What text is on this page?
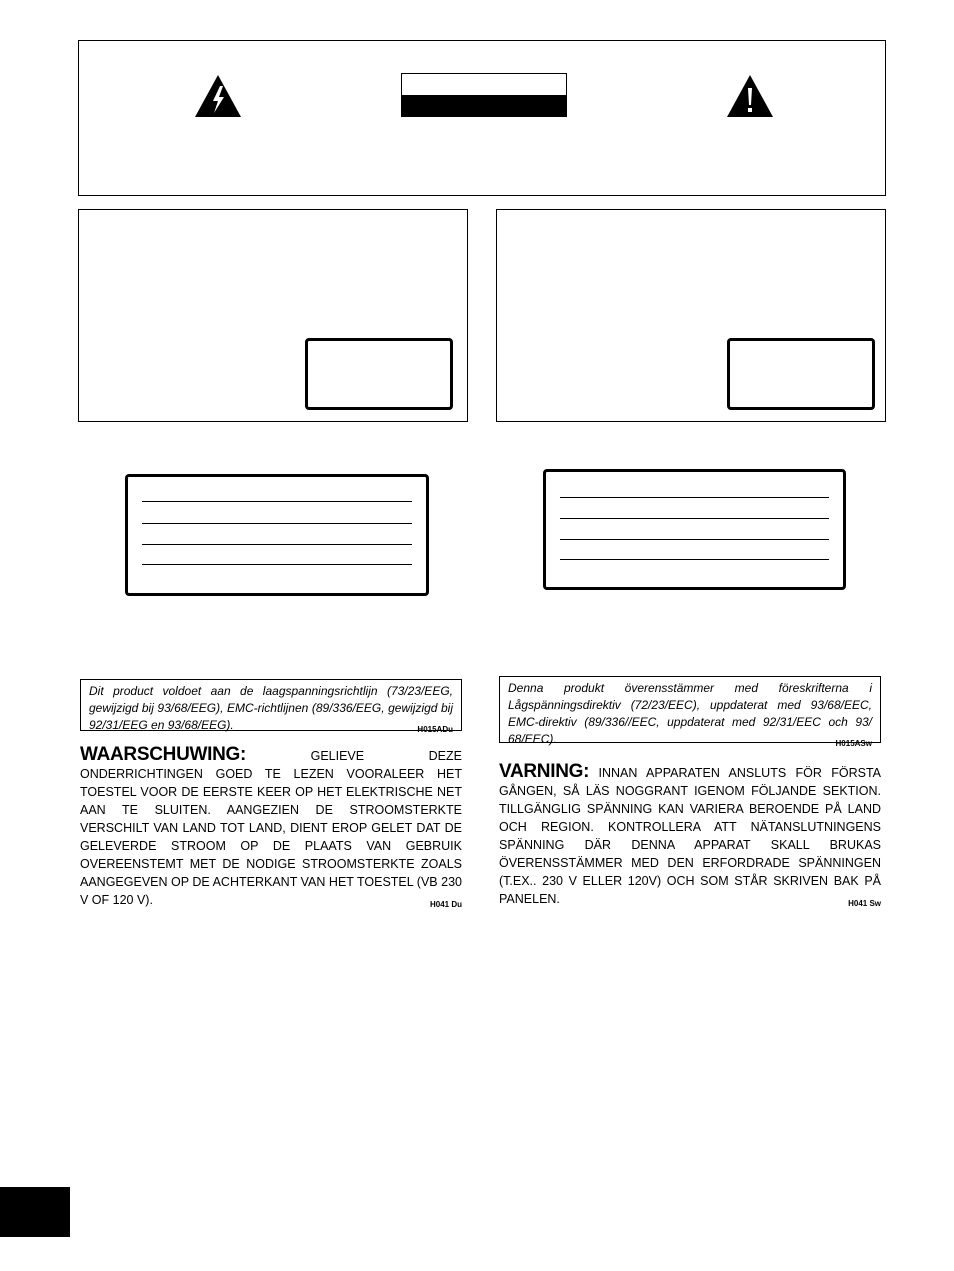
Dit product voldoet aan de laagspanningsrichtlijn (73/23/EEG, gewijzigd bij 93/68/EEG), EMC-richtlijnen (89/336/EEG, gewijzigd bij 92/31/EEG en 93/68/EEG).	H015ADu
Denna produkt överensstämmer med föreskrifterna i Lågspänningsdirektiv (72/23/EEC), uppdaterat med 93/68/EEC, EMC-direktiv (89/336//EEC, uppdaterat med 92/31/EEC och 93/ 68/EEC).	H015ASw
WAARSCHUWING:	GELIEVE DEZE ONDERRICHTINGEN GOED TE LEZEN VOORALEER HET TOESTEL VOOR DE EERSTE KEER OP HET ELEKTRISCHE NET AAN TE SLUITEN. AANGEZIEN DE STROOMSTERKTE VERSCHILT VAN LAND TOT LAND, DIENT EROP GELET DAT DE GELEVERDE STROOM OP DE PLAATS VAN GEBRUIK OVEREENSTEMT MET DE NODIGE STROOMSTERKTE ZOALS AANGEGEVEN OP DE ACHTERKANT VAN HET TOESTEL (VB 230 V OF 120 V).	H041 Du
VARNING: INNAN APPARATEN ANSLUTS FÖR FÖRSTA GÅNGEN, SÅ LÄS NOGGRANT IGENOM FÖLJANDE SEKTION. TILLGÄNGLIG SPÄNNING KAN VARIERA BEROENDE PÅ LAND OCH REGION. KONTROLLERA ATT NÄTANSLUTNINGENS SPÄNNING DÄR DENNA APPARAT SKALL BRUKAS ÖVERENSSTÄMMER MED DEN ERFORDRADE SPÄNNINGEN (T.EX.. 230 V ELLER 120V) OCH SOM STÅR SKRIVEN BAK PÅ PANELEN.	H041 Sw
